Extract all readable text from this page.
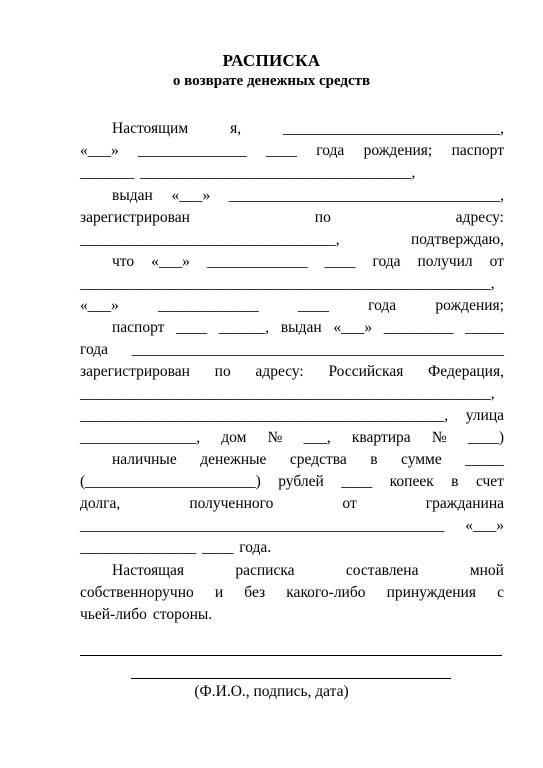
РАСПИСКА
о возврате денежных средств
Настоящим	я,	____________________________,
«___» ______________ ____ года рождения; паспорт
_______ ___________________________________,
выдан «___» ___________________________________,
зарегистрирован	по	адресу:
_________________________________,	подтверждаю,
что «___» _____________ ____ года получил от
_____________________________________________________,
«___»	_____________	____	года	рождения;
паспорт ____ ______, выдан «___» _________ _____
года ________________________________________________
зарегистрирован по адресу: Российская Федерация,
_____________________________________________________,
_______________________________________________, улица
_______________, дом № ___, квартира № ____)
наличные денежные средства в сумме _____
(______________________) рублей ____ копеек в счет
долга,	полученного	от	гражданина
_______________________________________________ «___»
_______________ ____ года.
Настоящая	расписка	составлена	мной
собственноручно и без какого-либо принуждения с
чьей-либо стороны.
(Ф.И.О., подпись, дата)
